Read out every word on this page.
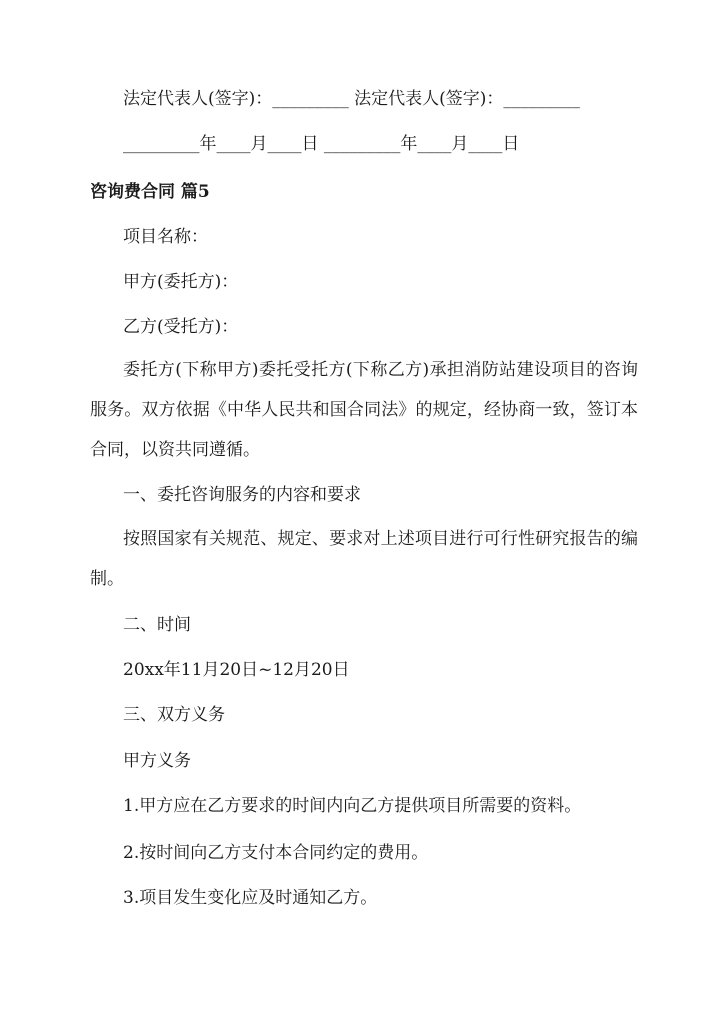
法定代表人(签字)：_________ 法定代表人(签字)：_________
_________年____月____日 _________年____月____日
咨询费合同 篇5
项目名称：
甲方(委托方)：
乙方(受托方)：
委托方(下称甲方)委托受托方(下称乙方)承担消防站建设项目的咨询服务。双方依据《中华人民共和国合同法》的规定，经协商一致，签订本合同，以资共同遵循。
一、委托咨询服务的内容和要求
按照国家有关规范、规定、要求对上述项目进行可行性研究报告的编制。
二、时间
20xx年11月20日~12月20日
三、双方义务
甲方义务
1.甲方应在乙方要求的时间内向乙方提供项目所需要的资料。
2.按时间向乙方支付本合同约定的费用。
3.项目发生变化应及时通知乙方。
